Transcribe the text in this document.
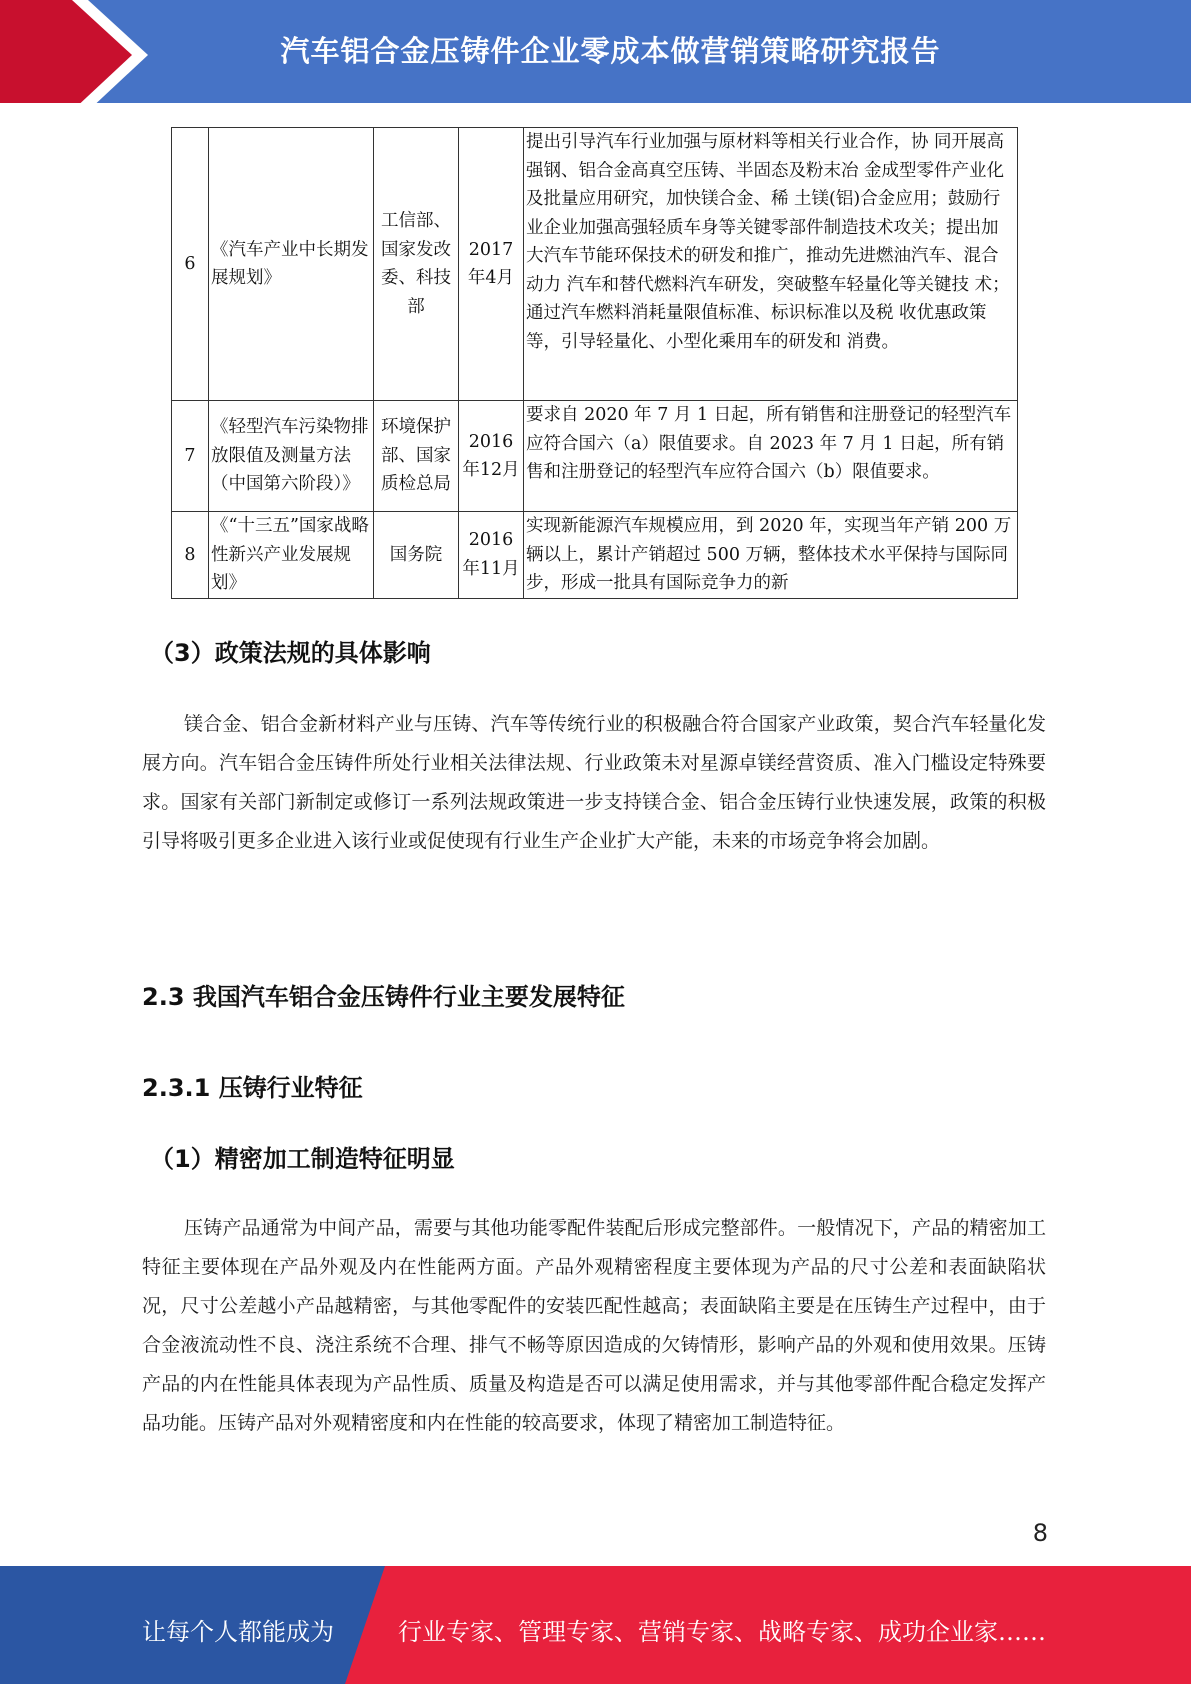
汽车铝合金压铸件企业零成本做营销策略研究报告
6	《汽车产业中长期发展规划》	工信部、国家发改委、科技部	2017年4月	提出引导汽车行业加强与原材料等相关行业合作，协 同开展高强钢、铝合金高真空压铸、半固态及粉末冶 金成型零件产业化及批量应用研究，加快镁合金、稀 土镁(铝)合金应用；鼓励行业企业加强高强轻质车身等关键零部件制造技术攻关；提出加大汽车节能环保技术的研发和推广，推动先进燃油汽车、混合动力 汽车和替代燃料汽车研发，突破整车轻量化等关键技 术；通过汽车燃料消耗量限值标准、标识标准以及税 收优惠政策等，引导轻量化、小型化乘用车的研发和 消费。
7	《轻型汽车污染物排放限值及测量方法（中国第六阶段）》	环境保护部、国家质检总局	2016年12月	要求自 2020 年 7 月 1 日起，所有销售和注册登记的轻型汽车应符合国六（a）限值要求。自 2023 年 7 月 1 日起，所有销售和注册登记的轻型汽车应符合国六（b）限值要求。
8	《“十三五”国家战略性新兴产业发展规划》	国务院	2016年11月	实现新能源汽车规模应用，到 2020 年，实现当年产销 200 万辆以上，累计产销超过 500 万辆，整体技术水平保持与国际同步，形成一批具有国际竞争力的新
（3）政策法规的具体影响

镁合金、铝合金新材料产业与压铸、汽车等传统行业的积极融合符合国家产业政策，契合汽车轻量化发展方向。汽车铝合金压铸件所处行业相关法律法规、行业政策未对星源卓镁经营资质、准入门槛设定特殊要求。国家有关部门新制定或修订一系列法规政策进一步支持镁合金、铝合金压铸行业快速发展，政策的积极引导将吸引更多企业进入该行业或促使现有行业生产企业扩大产能，未来的市场竞争将会加剧。

2.3 我国汽车铝合金压铸件行业主要发展特征
2.3.1 压铸行业特征
（1）精密加工制造特征明显

压铸产品通常为中间产品，需要与其他功能零配件装配后形成完整部件。一般情况下，产品的精密加工特征主要体现在产品外观及内在性能两方面。产品外观精密程度主要体现为产品的尺寸公差和表面缺陷状况，尺寸公差越小产品越精密，与其他零配件的安装匹配性越高；表面缺陷主要是在压铸生产过程中，由于合金液流动性不良、浇注系统不合理、排气不畅等原因造成的欠铸情形，影响产品的外观和使用效果。压铸产品的内在性能具体表现为产品性质、质量及构造是否可以满足使用需求，并与其他零部件配合稳定发挥产品功能。压铸产品对外观精密度和内在性能的较高要求，体现了精密加工制造特征。

8
让每个人都能成为	行业专家、管理专家、营销专家、战略专家、成功企业家……
